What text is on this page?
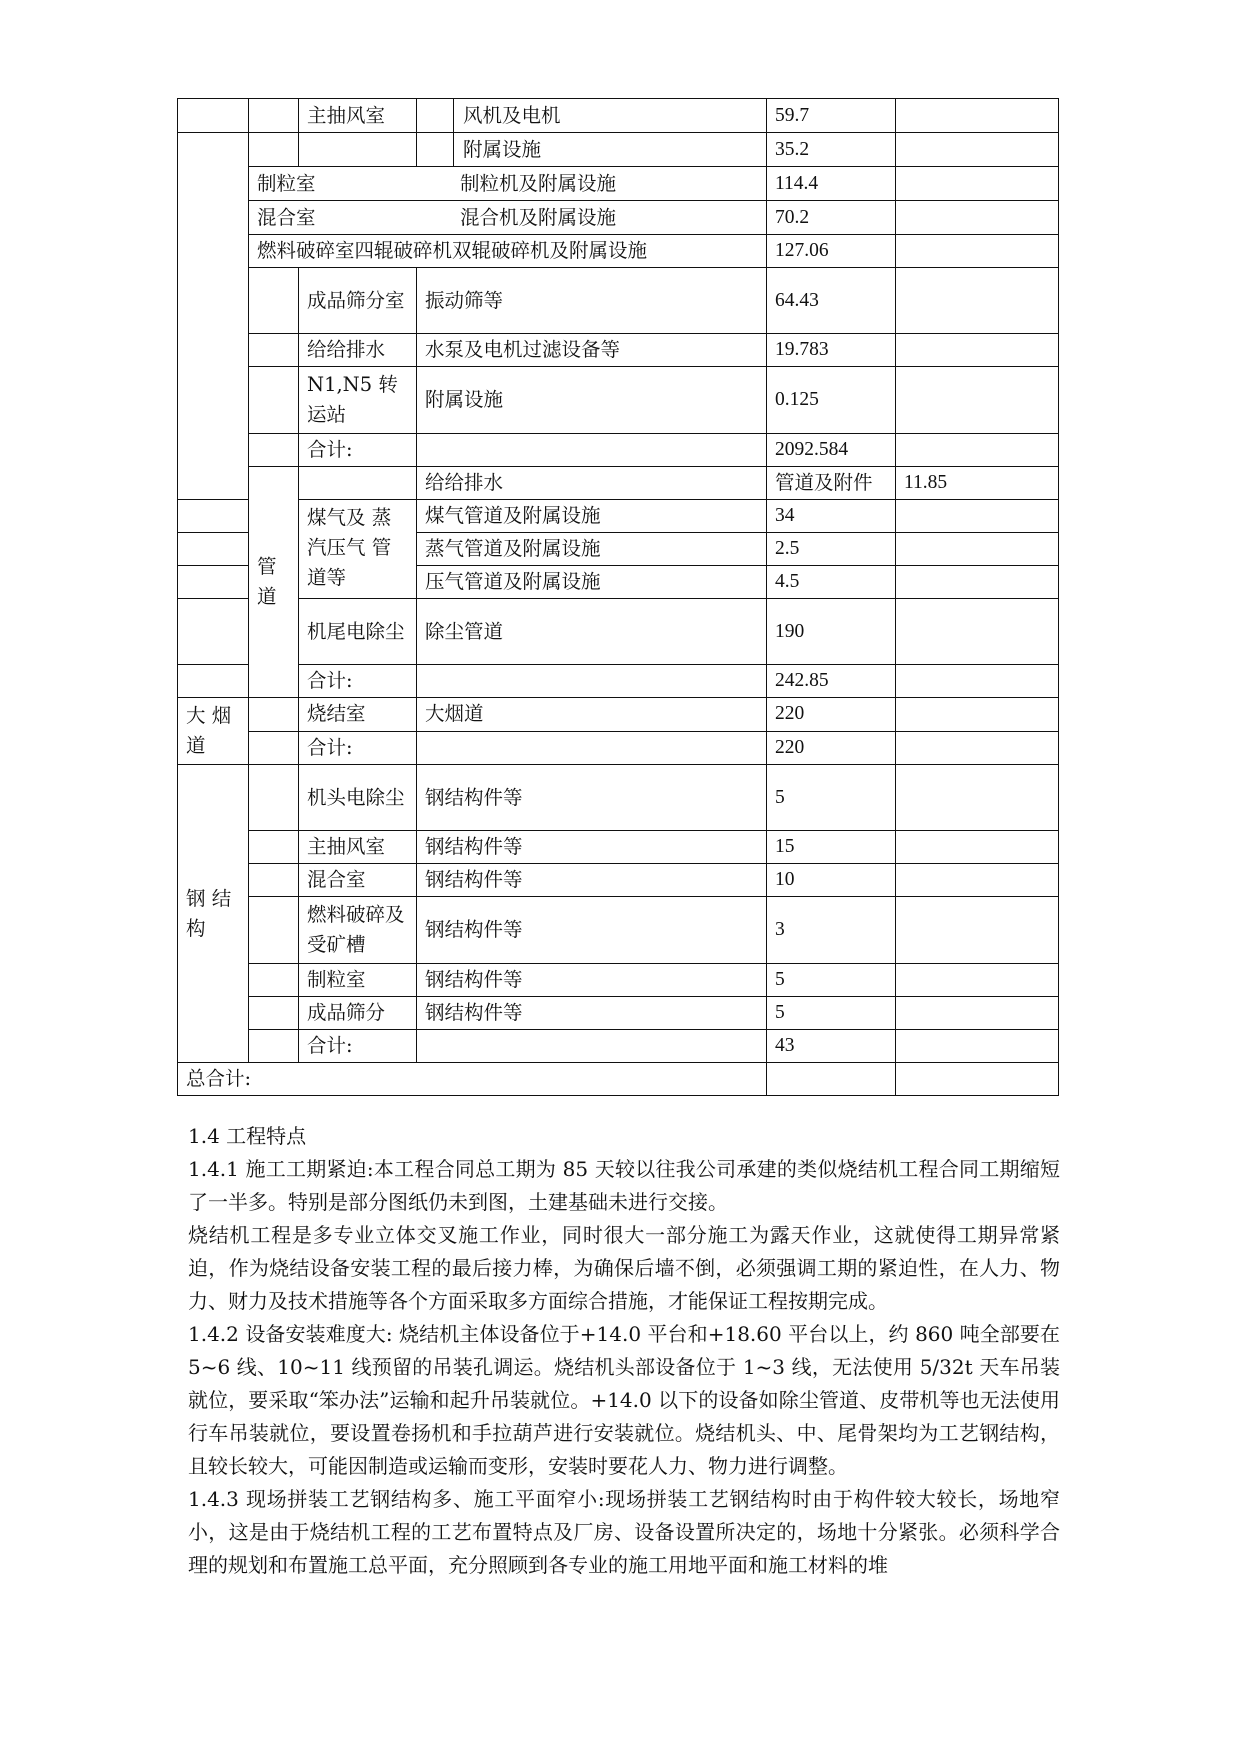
		主抽风室	风机及电机	59.7		

			附属设施	35.2		

	制粒室 制粒机及附属设施			114.4		

	混合室 混合机及附属设施			70.2		
	燃料破碎室四辊破碎机双辊破碎机及附属设施			127.06		
		成品筛分室	振动筛等	64.43		
		给给排水	水泵及电机过滤设备等	19.783		
		N1,N5 转运站	附属设施	0.125		
		合计:		2092.584		
	管道		给给排水	管道及附件	11.85	
		煤气及 蒸汽压气 管道等	煤气管道及附属设施	34		
			蒸气管道及附属设施	2.5		
			压气管道及附属设施	4.5		
		机尾电除尘	除尘管道	190		
		合计:		242.85		
大 烟道		烧结室	大烟道	220		
		合计:		220		
钢 结构		机头电除尘	钢结构件等	5		
		主抽风室	钢结构件等	15		
		混合室	钢结构件等	10		
		燃料破碎及受矿槽	钢结构件等	3		
		制粒室	钢结构件等	5		
		成品筛分	钢结构件等	5		
		合计:		43		
总合计:						

1.4 工程特点

1.4.1 施工工期紧迫:本工程合同总工期为 85 天较以往我公司承建的类似烧结机工程合同工期缩短了一半多。特别是部分图纸仍未到图，土建基础未进行交接。

烧结机工程是多专业立体交叉施工作业，同时很大一部分施工为露天作业，这就使得工期异常紧迫，作为烧结设备安装工程的最后接力棒，为确保后墙不倒，必须强调工期的紧迫性，在人力、物力、财力及技术措施等各个方面采取多方面综合措施，才能保证工程按期完成。

1.4.2 设备安装难度大: 烧结机主体设备位于+14.0 平台和+18.60 平台以上，约 860 吨全部要在 5~6 线、10~11 线预留的吊装孔调运。烧结机头部设备位于 1~3 线，无法使用 5/32t 天车吊装就位，要采取“笨办法”运输和起升吊装就位。+14.0 以下的设备如除尘管道、皮带机等也无法使用行车吊装就位，要设置卷扬机和手拉葫芦进行安装就位。烧结机头、中、尾骨架均为工艺钢结构，且较长较大，可能因制造或运输而变形，安装时要花人力、物力进行调整。

1.4.3 现场拼装工艺钢结构多、施工平面窄小:现场拼装工艺钢结构时由于构件较大较长，场地窄小，这是由于烧结机工程的工艺布置特点及厂房、设备设置所决定的，场地十分紧张。必须科学合理的规划和布置施工总平面，充分照顾到各专业的施工用地平面和施工材料的堆
